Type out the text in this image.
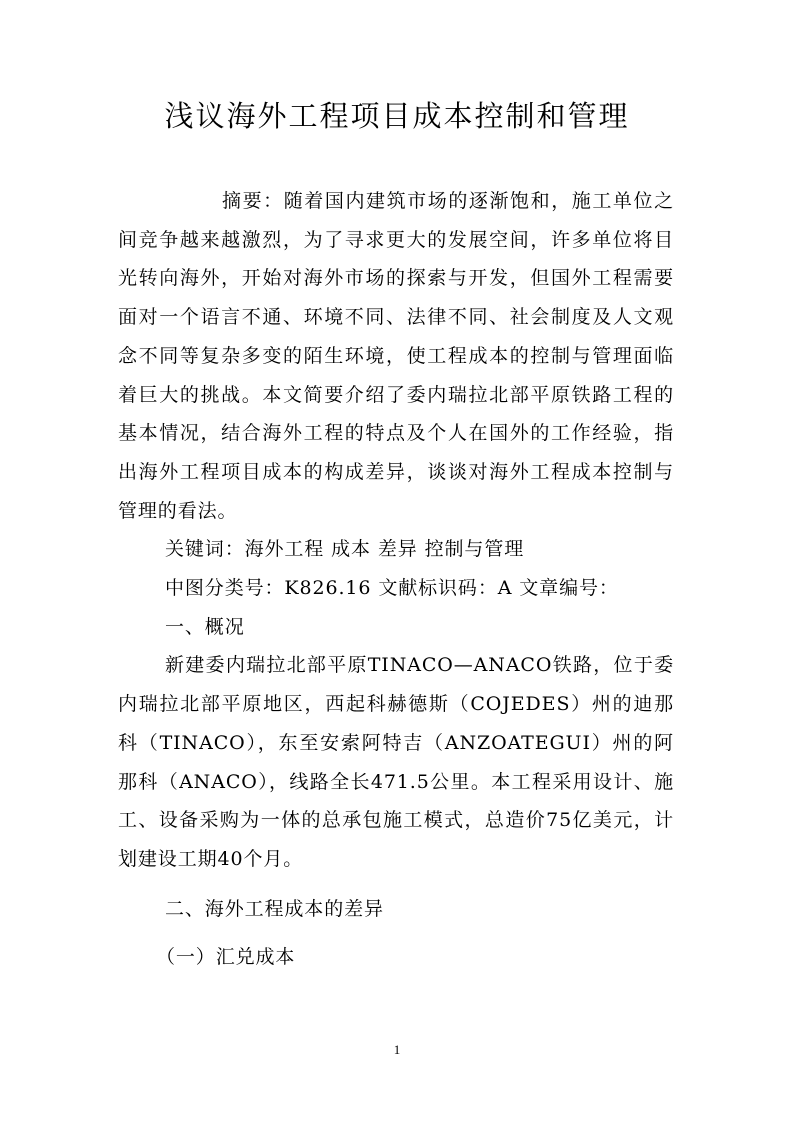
浅议海外工程项目成本控制和管理

摘要：随着国内建筑市场的逐渐饱和，施工单位之间竞争越来越激烈，为了寻求更大的发展空间，许多单位将目光转向海外，开始对海外市场的探索与开发，但国外工程需要面对一个语言不通、环境不同、法律不同、社会制度及人文观念不同等复杂多变的陌生环境，使工程成本的控制与管理面临着巨大的挑战。本文简要介绍了委内瑞拉北部平原铁路工程的基本情况，结合海外工程的特点及个人在国外的工作经验，指出海外工程项目成本的构成差异，谈谈对海外工程成本控制与管理的看法。

关键词：海外工程 成本 差异 控制与管理

中图分类号：K826.16 文献标识码：A 文章编号：

一、概况

新建委内瑞拉北部平原TINACO—ANACO铁路，位于委内瑞拉北部平原地区，西起科赫德斯（COJEDES）州的迪那科（TINACO），东至安索阿特吉（ANZOATEGUI）州的阿那科（ANACO），线路全长471.5公里。本工程采用设计、施工、设备采购为一体的总承包施工模式，总造价75亿美元，计划建设工期40个月。

二、海外工程成本的差异

（一）汇兑成本

1
